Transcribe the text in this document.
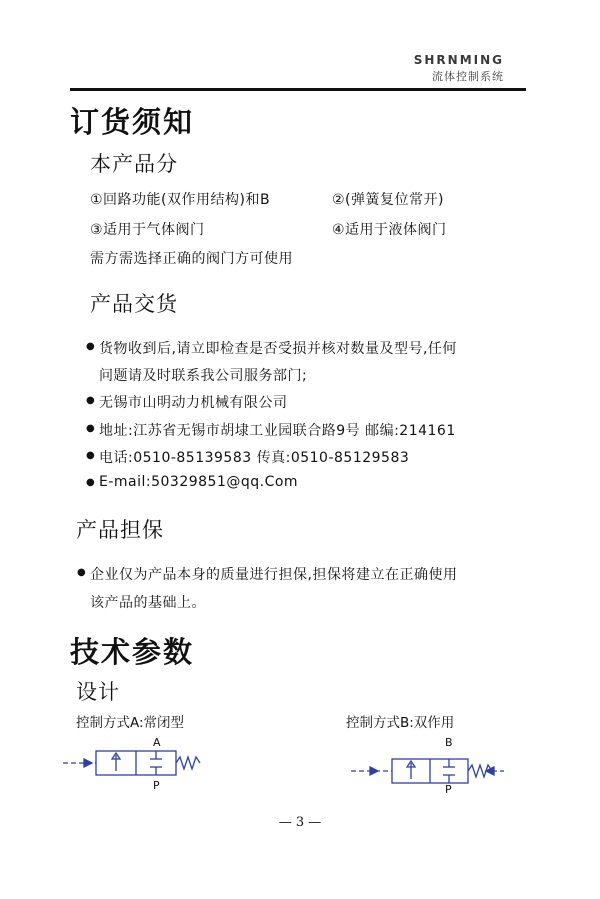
SHRNMING
流体控制系统
订货须知
本产品分
①回路功能(双作用结构)和B	②(弹簧复位常开)
③适用于气体阀门	④适用于液体阀门
需方需选择正确的阀门方可使用
产品交货
● 货物收到后,请立即检查是否受损并核对数量及型号,任何
问题请及时联系我公司服务部门;
● 无锡市山明动力机械有限公司
● 地址:江苏省无锡市胡埭工业园联合路9号 邮编:214161
● 电话:0510-85139583 传真:0510-85129583
● E-mail:50329851@qq.Com
产品担保
● 企业仅为产品本身的质量进行担保,担保将建立在正确使用
该产品的基础上。
技术参数
设计
控制方式A:常闭型	控制方式B:双作用
A
P
B
P
— 3 —
